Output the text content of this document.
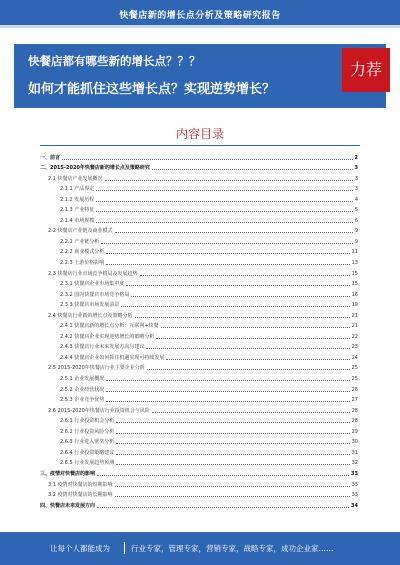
快餐店新的增长点分析及策略研究报告
快餐店都有哪些新的增长点？？？
如何才能抓住这些增长点？实现逆势增长？
力荐
内容目录
一、前言	2
二、2015-2020年快餐店新的增长点及策略研究	3
2.1 快餐店产业发展概况	3
2.1.1 产品界定	3
2.1.2 发展历程	4
2.1.3 产业特征	5
2.1.4 市场规模	6
2.2 快餐店产业链及商业模式	9
2.2.1 产业链分析	9
2.2.2 商业模式分析	11
2.2.3 上游价格影响	13
2.3 快餐店行业市场竞争格局及发展趋势	15
2.3.1 快餐店企业市场集中度	15
2.3.2 国内快餐店市场竞争格局	16
2.3.3 快餐店市场发展前景	19
2.4 快餐店行业新的增长点及策略分析	21
2.4.1 快餐店新的增长点分析：互联网+快餐	21
2.4.2 快餐店企业实现逆势增长的策略分析	22
2.4.3 快餐店行业未来发展方向与建议	23
2.4.4 快餐店企业如何抓住机遇实现可持续发展	24
2.5 2015-2020年快餐店行业主要企业分析	25
2.5.1 企业发展概况	25
2.5.2 企业经营状况	26
2.5.3 企业竞争优势	27
2.6 2015-2020年快餐店行业投资机会与风险	28
2.6.1 行业投资机会分析	28
2.6.2 行业投资风险分析	29
2.6.3 行业进入壁垒分析	30
2.6.4 行业投资策略建议	31
2.6.5 行业发展趋势预测	32
三、疫情对快餐店的影响	33
3.1 疫情对快餐店的短期影响	33
3.2 疫情对快餐店的长期影响	33
四、快餐店未来发展方向	34
让每个人都能成为	行业专家，管理专家，营销专家，战略专家，成功企业家……
